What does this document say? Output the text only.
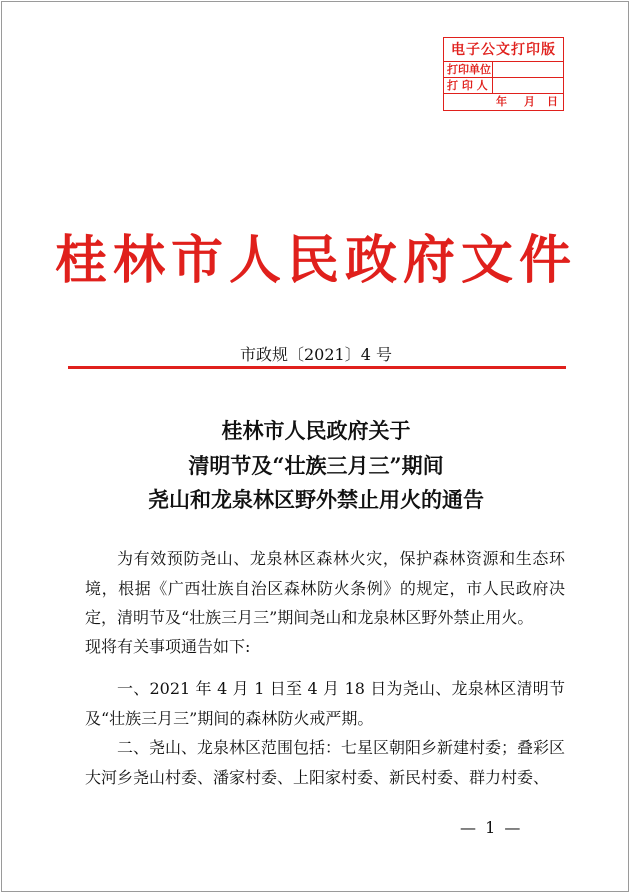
电子公文打印版
打印单位
打 印 人
年 月 日
桂林市人民政府文件
市政规〔2021〕4 号
桂林市人民政府关于
清明节及“壮族三月三”期间
尧山和龙泉林区野外禁止用火的通告
为有效预防尧山、龙泉林区森林火灾，保护森林资源和生态环境，根据《广西壮族自治区森林防火条例》的规定，市人民政府决定，清明节及“壮族三月三”期间尧山和龙泉林区野外禁止用火。
现将有关事项通告如下:
一、2021 年 4 月 1 日至 4 月 18 日为尧山、龙泉林区清明节及“壮族三月三”期间的森林防火戒严期。
二、尧山、龙泉林区范围包括：七星区朝阳乡新建村委；叠彩区大河乡尧山村委、潘家村委、上阳家村委、新民村委、群力村委、
— 1 —
